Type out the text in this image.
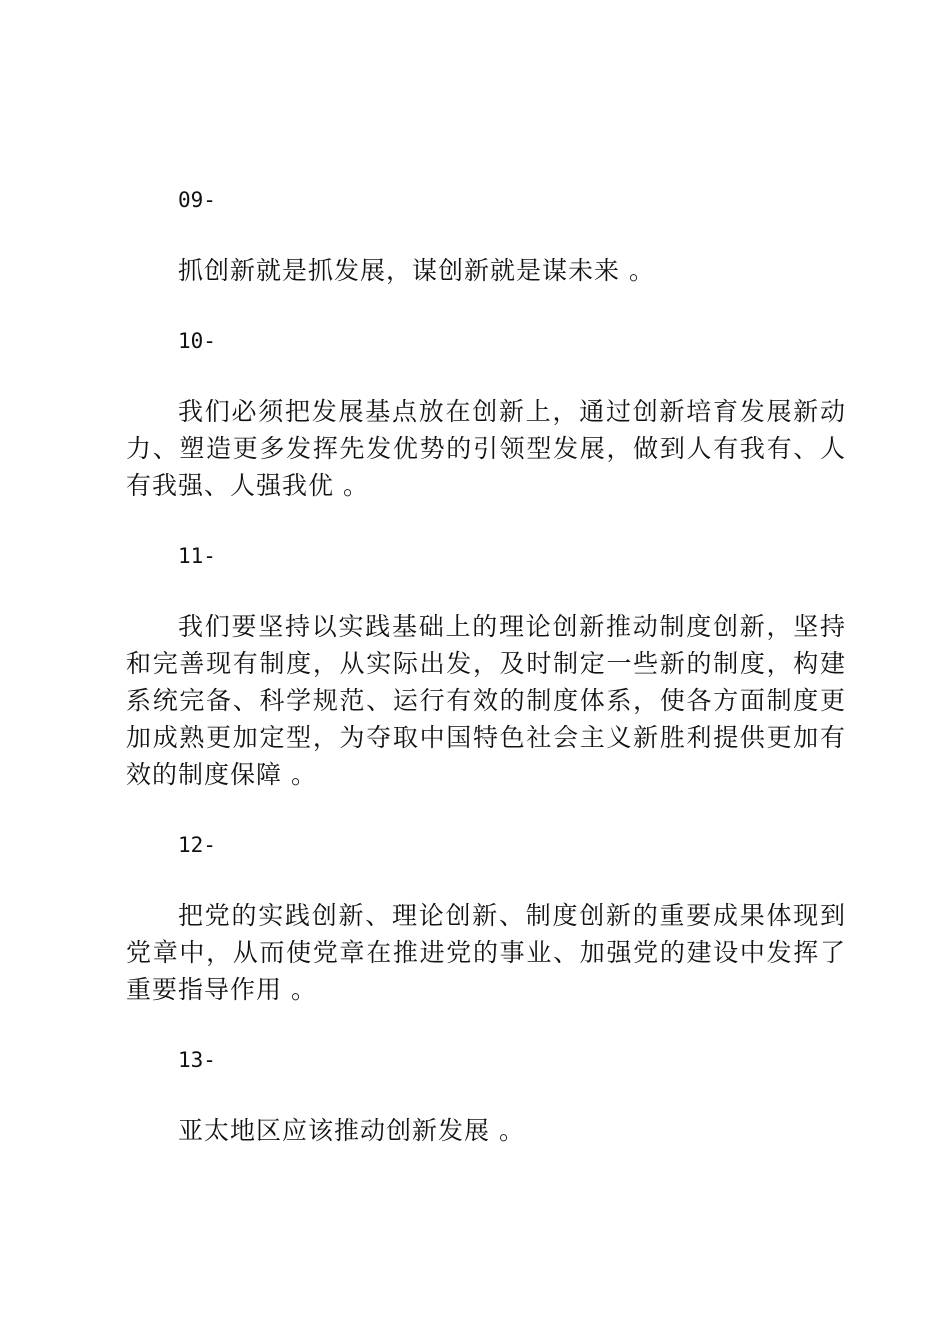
09-
抓创新就是抓发展，谋创新就是谋未来 。
10-
我们必须把发展基点放在创新上，通过创新培育发展新动力、塑造更多发挥先发优势的引领型发展，做到人有我有、人有我强、人强我优 。
11-
我们要坚持以实践基础上的理论创新推动制度创新，坚持和完善现有制度，从实际出发，及时制定一些新的制度，构建系统完备、科学规范、运行有效的制度体系，使各方面制度更加成熟更加定型，为夺取中国特色社会主义新胜利提供更加有效的制度保障 。
12-
把党的实践创新、理论创新、制度创新的重要成果体现到党章中，从而使党章在推进党的事业、加强党的建设中发挥了重要指导作用 。
13-
亚太地区应该推动创新发展 。
